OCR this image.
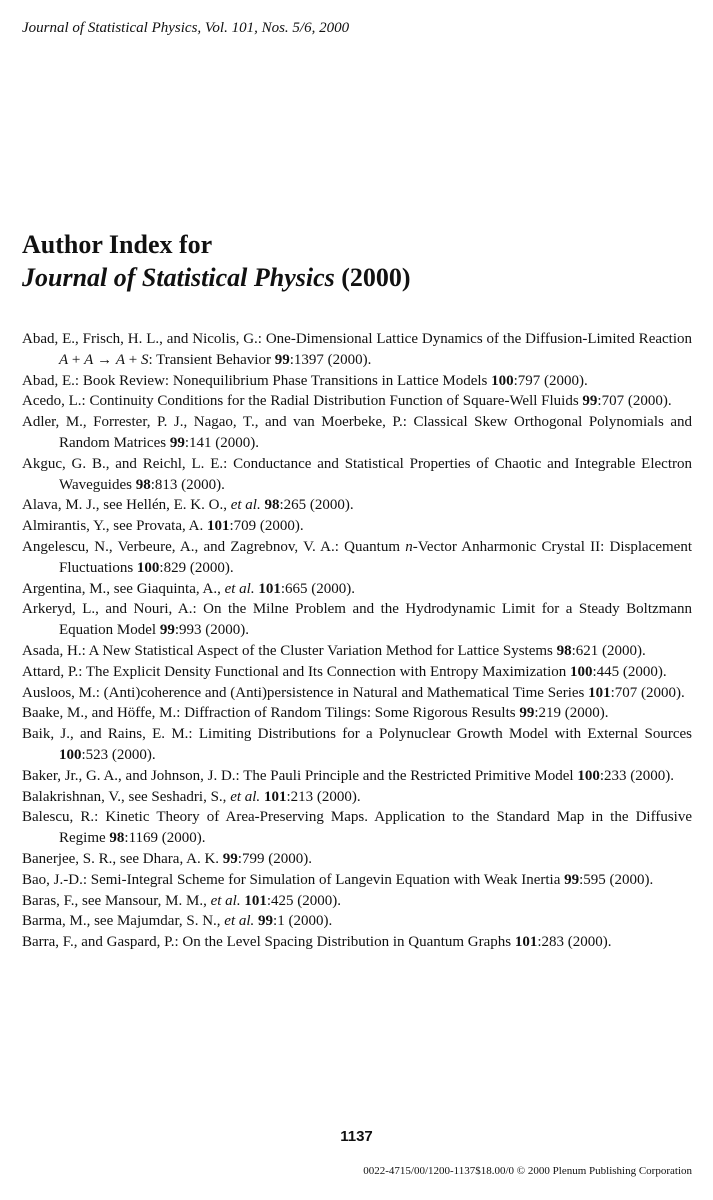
Journal of Statistical Physics, Vol. 101, Nos. 5/6, 2000
Author Index for
Journal of Statistical Physics (2000)
Abad, E., Frisch, H. L., and Nicolis, G.: One-Dimensional Lattice Dynamics of the Diffusion-Limited Reaction A + A → A + S: Transient Behavior 99:1397 (2000).
Abad, E.: Book Review: Nonequilibrium Phase Transitions in Lattice Models 100:797 (2000).
Acedo, L.: Continuity Conditions for the Radial Distribution Function of Square-Well Fluids 99:707 (2000).
Adler, M., Forrester, P. J., Nagao, T., and van Moerbeke, P.: Classical Skew Orthogonal Polynomials and Random Matrices 99:141 (2000).
Akguc, G. B., and Reichl, L. E.: Conductance and Statistical Properties of Chaotic and Integrable Electron Waveguides 98:813 (2000).
Alava, M. J., see Hellén, E. K. O., et al. 98:265 (2000).
Almirantis, Y., see Provata, A. 101:709 (2000).
Angelescu, N., Verbeure, A., and Zagrebnov, V. A.: Quantum n-Vector Anharmonic Crystal II: Displacement Fluctuations 100:829 (2000).
Argentina, M., see Giaquinta, A., et al. 101:665 (2000).
Arkeryd, L., and Nouri, A.: On the Milne Problem and the Hydrodynamic Limit for a Steady Boltzmann Equation Model 99:993 (2000).
Asada, H.: A New Statistical Aspect of the Cluster Variation Method for Lattice Systems 98:621 (2000).
Attard, P.: The Explicit Density Functional and Its Connection with Entropy Maximization 100:445 (2000).
Ausloos, M.: (Anti)coherence and (Anti)persistence in Natural and Mathematical Time Series 101:707 (2000).
Baake, M., and Höffe, M.: Diffraction of Random Tilings: Some Rigorous Results 99:219 (2000).
Baik, J., and Rains, E. M.: Limiting Distributions for a Polynuclear Growth Model with External Sources 100:523 (2000).
Baker, Jr., G. A., and Johnson, J. D.: The Pauli Principle and the Restricted Primitive Model 100:233 (2000).
Balakrishnan, V., see Seshadri, S., et al. 101:213 (2000).
Balescu, R.: Kinetic Theory of Area-Preserving Maps. Application to the Standard Map in the Diffusive Regime 98:1169 (2000).
Banerjee, S. R., see Dhara, A. K. 99:799 (2000).
Bao, J.-D.: Semi-Integral Scheme for Simulation of Langevin Equation with Weak Inertia 99:595 (2000).
Baras, F., see Mansour, M. M., et al. 101:425 (2000).
Barma, M., see Majumdar, S. N., et al. 99:1 (2000).
Barra, F., and Gaspard, P.: On the Level Spacing Distribution in Quantum Graphs 101:283 (2000).
1137
0022-4715/00/1200-1137$18.00/0 © 2000 Plenum Publishing Corporation
